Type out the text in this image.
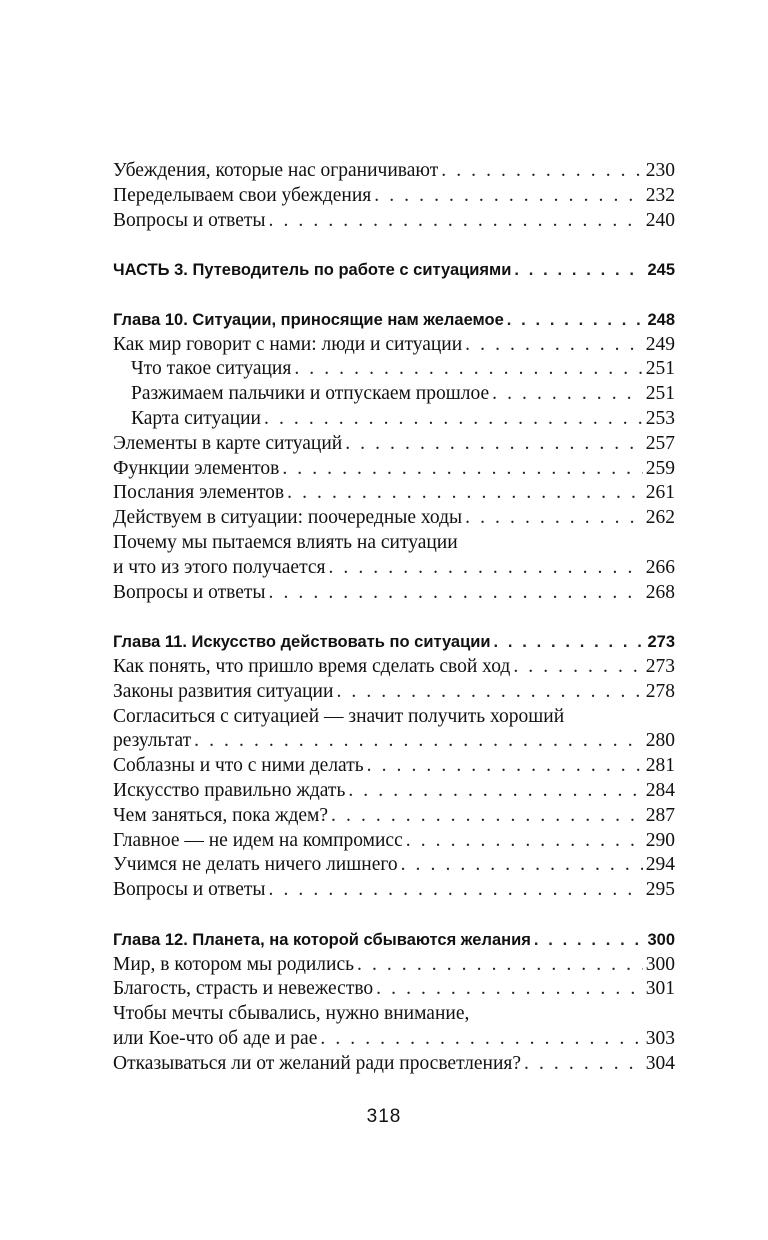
Убеждения, которые нас ограничивают . . .	230
Переделываем свои убеждения . . .	232
Вопросы и ответы . . .	240
ЧАСТЬ 3. Путеводитель по работе с ситуациями . . .	245
Глава 10. Ситуации, приносящие нам желаемое . . .	248
Как мир говорит с нами: люди и ситуации . . .	249
Что такое ситуация . . .	251
Разжимаем пальчики и отпускаем прошлое . . .	251
Карта ситуации . . .	253
Элементы в карте ситуаций . . .	257
Функции элементов . . .	259
Послания элементов . . .	261
Действуем в ситуации: поочередные ходы . . .	262
Почему мы пытаемся влиять на ситуации
и что из этого получается . . .	266
Вопросы и ответы . . .	268
Глава 11. Искусство действовать по ситуации . . .	273
Как понять, что пришло время сделать свой ход . . .	273
Законы развития ситуации . . .	278
Согласиться с ситуацией — значит получить хороший
результат . . .	280
Соблазны и что с ними делать . . .	281
Искусство правильно ждать . . .	284
Чем заняться, пока ждем? . . .	287
Главное — не идем на компромисс . . .	290
Учимся не делать ничего лишнего . . .	294
Вопросы и ответы . . .	295
Глава 12. Планета, на которой сбываются желания . . .	300
Мир, в котором мы родились . . .	300
Благость, страсть и невежество . . .	301
Чтобы мечты сбывались, нужно внимание,
или Кое-что об аде и рае . . .	303
Отказываться ли от желаний ради просветления? . . .	304
318
